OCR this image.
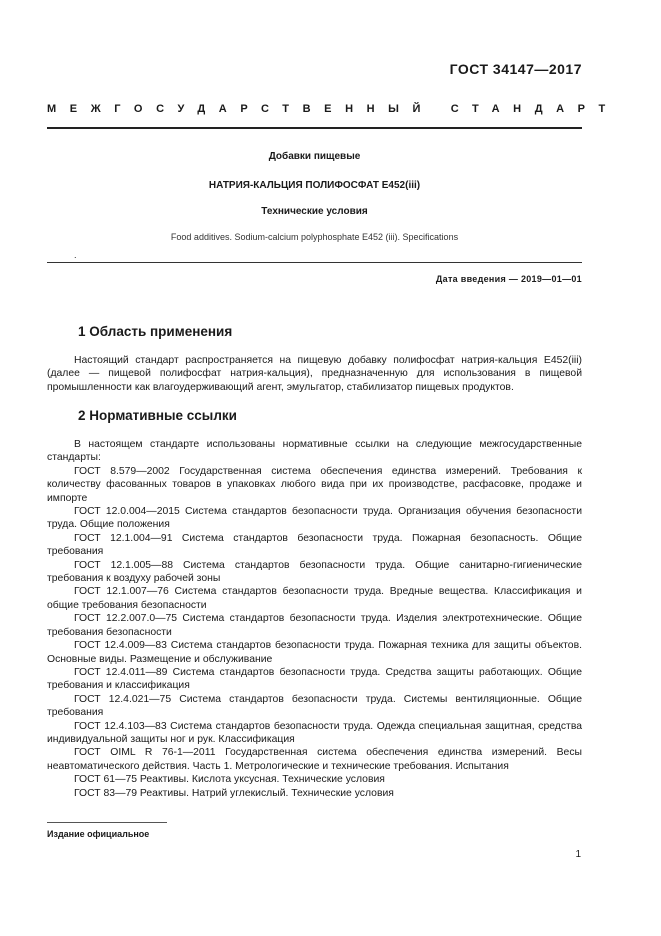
ГОСТ 34147—2017
МЕЖГОСУДАРСТВЕННЫЙ СТАНДАРТ
Добавки пищевые
НАТРИЯ-КАЛЬЦИЯ ПОЛИФОСФАТ Е452(iii)
Технические условия
Food additives. Sodium-calcium polyphosphate E452 (iii). Specifications
.
Дата введения — 2019—01—01
1 Область применения

Настоящий стандарт распространяется на пищевую добавку полифосфат натрия-кальция E452(iii) (далее — пищевой полифосфат натрия-кальция), предназначенную для использования в пищевой промышленности как влагоудерживающий агент, эмульгатор, стабилизатор пищевых продуктов.

2 Нормативные ссылки

В настоящем стандарте использованы нормативные ссылки на следующие межгосударственные стандарты:

ГОСТ 8.579—2002 Государственная система обеспечения единства измерений. Требования к количеству фасованных товаров в упаковках любого вида при их производстве, расфасовке, продаже и импорте

ГОСТ 12.0.004—2015 Система стандартов безопасности труда. Организация обучения безопасности труда. Общие положения

ГОСТ 12.1.004—91 Система стандартов безопасности труда. Пожарная безопасность. Общие требования

ГОСТ 12.1.005—88 Система стандартов безопасности труда. Общие санитарно-гигиенические требования к воздуху рабочей зоны

ГОСТ 12.1.007—76 Система стандартов безопасности труда. Вредные вещества. Классификация и общие требования безопасности

ГОСТ 12.2.007.0—75 Система стандартов безопасности труда. Изделия электротехнические. Общие требования безопасности

ГОСТ 12.4.009—83 Система стандартов безопасности труда. Пожарная техника для защиты объектов. Основные виды. Размещение и обслуживание

ГОСТ 12.4.011—89 Система стандартов безопасности труда. Средства защиты работающих. Общие требования и классификация

ГОСТ 12.4.021—75 Система стандартов безопасности труда. Системы вентиляционные. Общие требования

ГОСТ 12.4.103—83 Система стандартов безопасности труда. Одежда специальная защитная, средства индивидуальной защиты ног и рук. Классификация

ГОСТ OIML R 76-1—2011 Государственная система обеспечения единства измерений. Весы неавтоматического действия. Часть 1. Метрологические и технические требования. Испытания

ГОСТ 61—75 Реактивы. Кислота уксусная. Технические условия

ГОСТ 83—79 Реактивы. Натрий углекислый. Технические условия

Издание официальное
1
